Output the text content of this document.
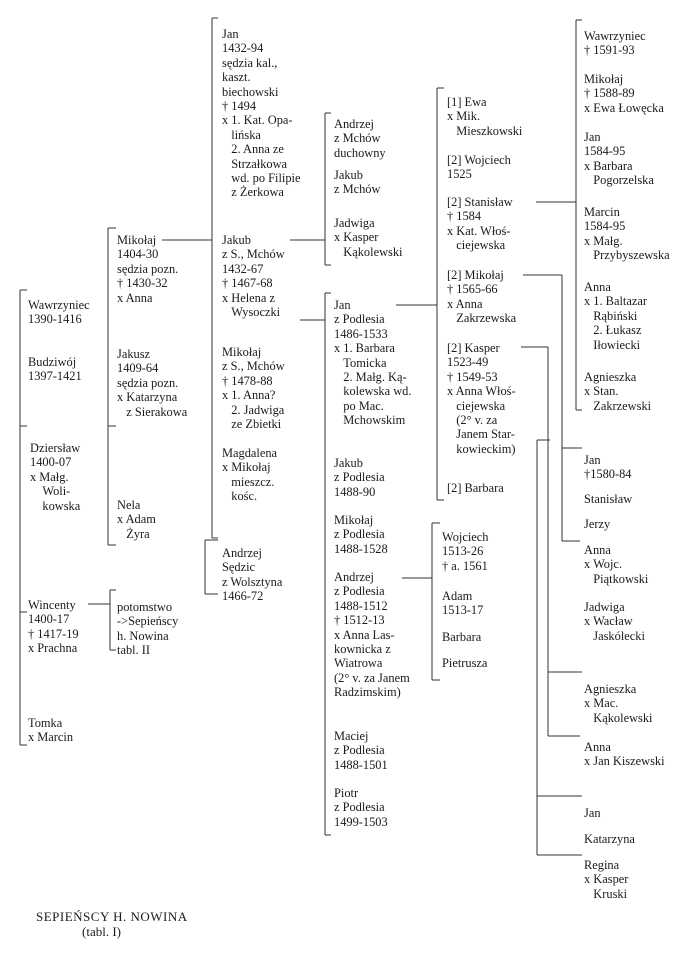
Wawrzyniec
1390-1416
Budziwój
1397-1421
Dziersław
1400-07
x Małg.
Woli-
kowska
Wincenty
1400-17
† 1417-19
x Prachna
Tomka
x Marcin
Mikołaj
1404-30
sędzia pozn.
† 1430-32
x Anna
Jakusz
1409-64
sędzia pozn.
x Katarzyna
z Sierakowa
Nela
x Adam
Żyra
potomstwo
->Sepieńscy
h. Nowina
tabl. II
Jan
1432-94
sędzia kal.,
kaszt.
biechowski
† 1494
x 1. Kat. Opa-
lińska
2. Anna ze
Strzałkowa
wd. po Filipie
z Żerkowa
Jakub
z S., Mchów
1432-67
† 1467-68
x Helena z
Wysoczki
Mikołaj
z S., Mchów
† 1478-88
x 1. Anna?
2. Jadwiga
ze Zbietki
Magdalena
x Mikołaj
mieszcz.
kośc.
Andrzej
Sędzic
z Wolsztyna
1466-72
Andrzej
z Mchów
duchowny
Jakub
z Mchów
Jadwiga
x Kasper
Kąkolewski
Jan
z Podlesia
1486-1533
x 1. Barbara
Tomicka
2. Małg. Ką-
kolewska wd.
po Mac.
Mchowskim
Jakub
z Podlesia
1488-90
Mikołaj
z Podlesia
1488-1528
Andrzej
z Podlesia
1488-1512
† 1512-13
x Anna Las-
kownicka z
Wiatrowa
(2° v. za Janem
Radzimskim)
Maciej
z Podlesia
1488-1501
Piotr
z Podlesia
1499-1503
[1] Ewa
x Mik.
Mieszkowski
[2] Wojciech
1525
[2] Stanisław
† 1584
x Kat. Włoś-
ciejewska
[2] Mikołaj
† 1565-66
x Anna
Zakrzewska
[2] Kasper
1523-49
† 1549-53
x Anna Włoś-
ciejewska
(2° v. za
Janem Star-
kowieckim)
[2] Barbara
Wojciech
1513-26
† a. 1561
Adam
1513-17
Barbara
Pietrusza
Wawrzyniec
† 1591-93
Mikołaj
† 1588-89
x Ewa Łowęcka
Jan
1584-95
x Barbara
Pogorzelska
Marcin
1584-95
x Małg.
Przybyszewska
Anna
x 1. Baltazar
Rąbiński
2. Łukasz
Iłowiecki
Agnieszka
x Stan.
Zakrzewski
Jan
†1580-84
Stanisław
Jerzy
Anna
x Wojc.
Piątkowski
Jadwiga
x Wacław
Jaskólecki
Agnieszka
x Mac.
Kąkolewski
Anna
x Jan Kiszewski
Jan
Katarzyna
Regina
x Kasper
Kruski
SEPIEŃSCY H. NOWINA
(tabl. I)
